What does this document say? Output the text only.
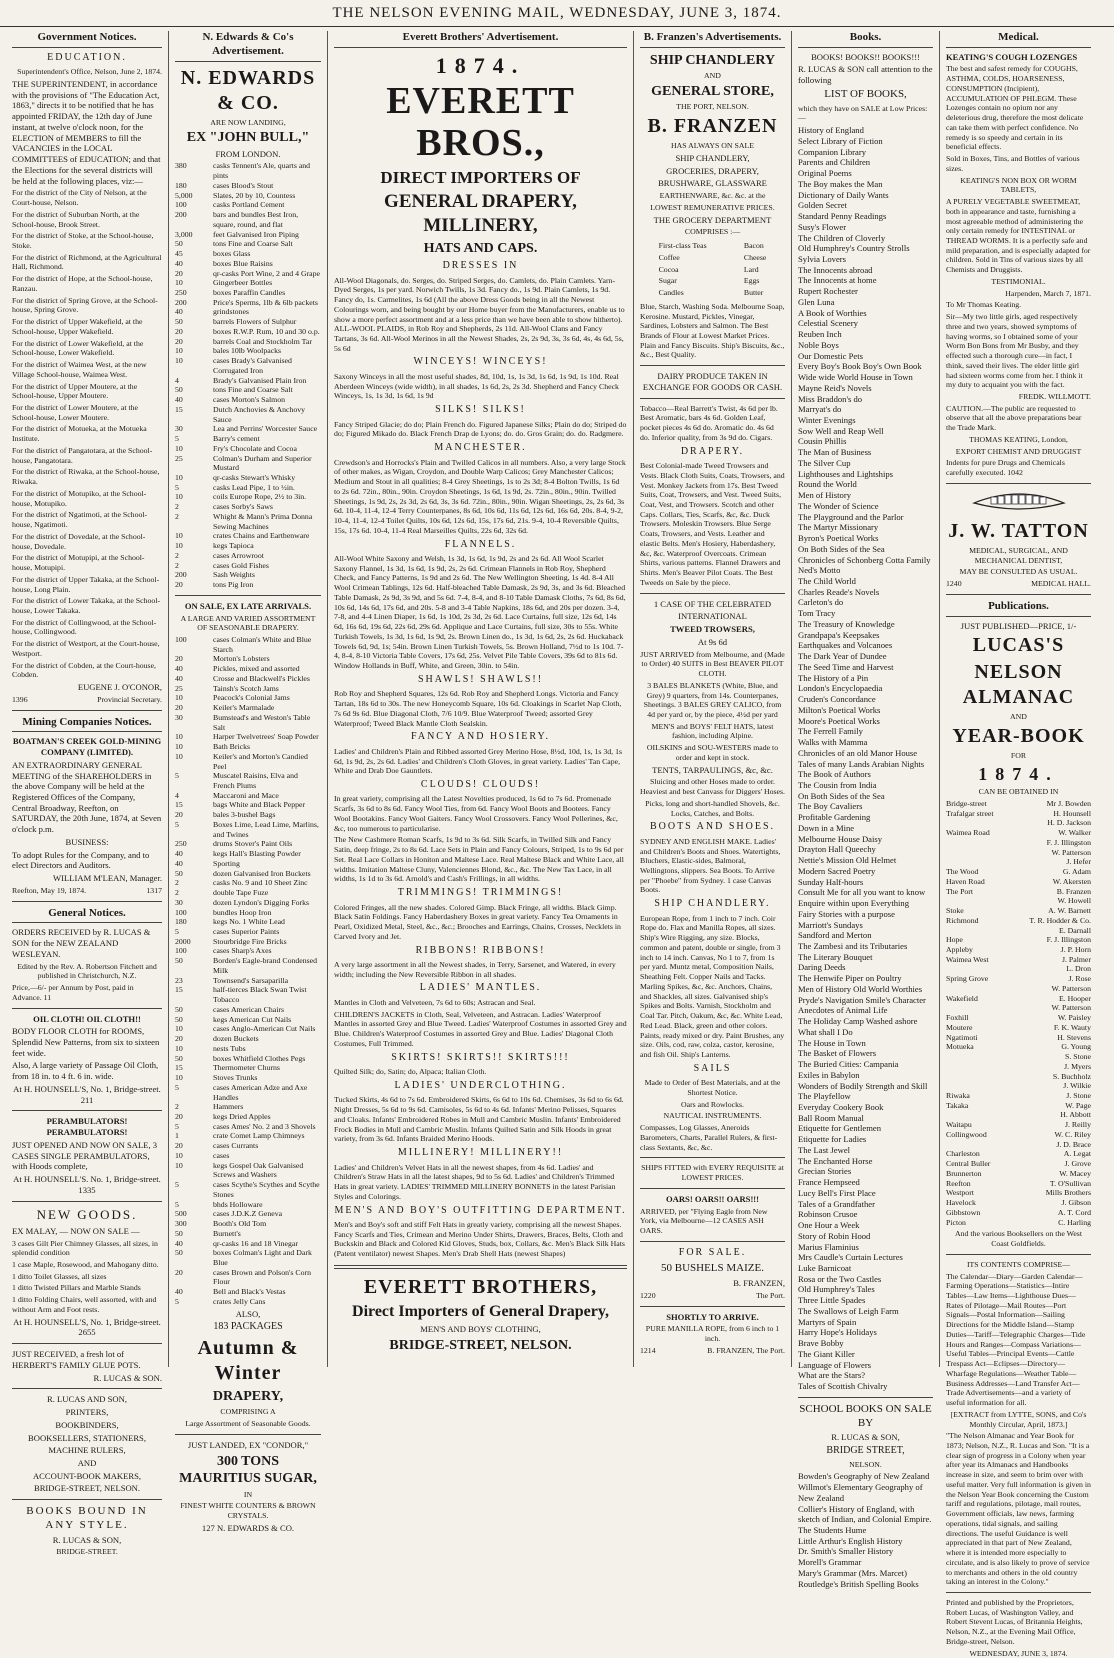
THE NELSON EVENING MAIL, WEDNESDAY, JUNE 3, 1874.
Government Notices.
EDUCATION.

Superintendent's Office, Nelson, June 2, 1874.

THE SUPERINTENDENT, in accordance with the provisions of "The Education Act, 1863," directs it to be notified that he has appointed FRIDAY, the 12th day of June instant, at twelve o'clock noon, for the ELECTION of MEMBERS to fill the VACANCIES in the LOCAL COMMITTEES of EDUCATION; and that the Elections for the several districts will be held at the following places, viz:—

For the district of the City of Nelson, at the Court-house, Nelson.

For the district of Suburban North, at the School-house, Brook Street.

For the district of Stoke, at the School-house, Stoke.

For the district of Richmond, at the Agricultural Hall, Richmond.

For the district of Hope, at the School-house, Ranzau.

For the district of Spring Grove, at the School-house, Spring Grove.

For the district of Upper Wakefield, at the School-house, Upper Wakefield.

For the district of Lower Wakefield, at the School-house, Lower Wakefield.

For the district of Waimea West, at the new Village School-house, Waimea West.

For the district of Upper Moutere, at the School-house, Upper Moutere.

For the district of Lower Moutere, at the School-house, Lower Moutere.

For the district of Motueka, at the Motueka Institute.

For the district of Pangatotara, at the School-house, Pangatotara.

For the district of Riwaka, at the School-house, Riwaka.

For the district of Motupiko, at the School-house, Motupiko.

For the district of Ngatimoti, at the School-house, Ngatimoti.

For the district of Dovedale, at the School-house, Dovedale.

For the district of Motupipi, at the School-house, Motupipi.

For the district of Upper Takaka, at the School-house, Long Plain.

For the district of Lower Takaka, at the School-house, Lower Takaka.

For the district of Collingwood, at the School-house, Collingwood.

For the district of Westport, at the Court-house, Westport.

For the district of Cobden, at the Court-house, Cobden.

EUGENE J. O'CONOR,

1396	Provincial Secretary.

Mining Companies Notices.

BOATMAN'S CREEK GOLD-MINING COMPANY (LIMITED).

AN EXTRAORDINARY GENERAL MEETING of the SHAREHOLDERS in the above Company will be held at the Registered Offices of the Company, Central Broadway, Reefton, on SATURDAY, the 20th June, 1874, at Seven o'clock p.m.

BUSINESS:

To adopt Rules for the Company, and to elect Directors and Auditors.

WILLIAM M'LEAN, Manager.

Reefton, May 19, 1874.	1317

General Notices.

ORDERS RECEIVED by R. LUCAS & SON for the NEW ZEALAND WESLEYAN.

Edited by the Rev. A. Robertson Fitchett and published in Christchurch, N.Z.

Price,—6/- per Annum by Post, paid in Advance. 11

OIL CLOTH! OIL CLOTH!!

BODY FLOOR CLOTH for ROOMS, Splendid New Patterns, from six to sixteen feet wide.

Also, A large variety of Passage Oil Cloth, from 18 in. to 4 ft. 6 in. wide.

At H. HOUNSELL'S, No. 1, Bridge-street. 211

PERAMBULATORS! PERAMBULATORS!

JUST OPENED AND NOW ON SALE, 3 CASES SINGLE PERAMBULATORS, with Hoods complete,

At H. HOUNSELL'S. No. 1, Bridge-street. 1335

NEW GOODS.

EX MALAY, — NOW ON SALE —

3 cases Gilt Pier Chimney Glasses, all sizes, in splendid condition

1 case Maple, Rosewood, and Mahogany ditto.

1 ditto Toilet Glasses, all sizes

1 ditto Twisted Pillars and Marble Stands

1 ditto Folding Chairs, well assorted, with and without Arm and Foot rests.

At H. HOUNSELL'S, No. 1, Bridge-street. 2655

JUST RECEIVED, a fresh lot of HERBERT'S FAMILY GLUE POTS.

R. LUCAS & SON.

R. LUCAS AND SON,

PRINTERS,

BOOKBINDERS,

BOOKSELLERS, STATIONERS,

MACHINE RULERS,

AND

ACCOUNT-BOOK MAKERS,

BRIDGE-STREET, NELSON.

BOOKS BOUND IN ANY STYLE.

R. LUCAS & SON,

BRIDGE-STREET.

N. Edwards & Co's Advertisement.
N. EDWARDS & CO.

ARE NOW LANDING,

EX "JOHN BULL,"

FROM LONDON.

380	casks Tennent's Ale, quarts and pints
180	cases Blood's Stout
5,000	Slates, 20 by 10, Countess
100	casks Portland Cement
200	bars and bundles Best Iron, square, round, and flat
3,000	feet Galvanised Iron Piping
50	tons Fine and Coarse Salt
45	boxes Glass
40	boxes Blue Raisins
20	qr-casks Port Wine, 2 and 4 Grape
10	Gingerbeer Bottles
250	boxes Paraffin Candles
200	Price's Sperms, 1lb & 6lb packets
40	grindstones
50	barrels Flowers of Sulphur
20	boxes R.W.P. Rum, 10 and 30 o.p.
20	barrels Coal and Stockholm Tar
10	bales 10lb Woolpacks
10	cases Brady's Galvanised Corrugated Iron
4	Brady's Galvanised Plain Iron
50	tons Fine and Coarse Salt
40	cases Morton's Salmon
15	Dutch Anchovies & Anchovy Sauce
30	Lea and Perrins' Worcester Sauce
5	Barry's cement
10	Fry's Chocolate and Cocoa
25	Colman's Durham and Superior Mustard
10	qr-casks Stewart's Whisky
5	casks Lead Pipe, 1 to ½in.
10	coils Europe Rope, 2½ to 3in.
2	cases Sorby's Saws
2	Whight & Mann's Prima Donna Sewing Machines
10	crates Chains and Earthenware
10	kegs Tapioca
2	cases Arrowroot
2	cases Gold Fishes
200	Sash Weights
20	tons Pig Iron

ON SALE, EX LATE ARRIVALS.

A LARGE AND VARIED ASSORTMENT OF SEASONABLE DRAPERY.

100	cases Colman's White and Blue Starch
20	Morton's Lobsters
40	Pickles, mixed and assorted
40	Crosse and Blackwell's Pickles
25	Tainsh's Scotch Jams
10	Peacock's Colonial Jams
20	Keiler's Marmalade
30	Bumstead's and Weston's Table Salt
10	Harper Twelvetrees' Soap Powder
10	Bath Bricks
10	Keiler's and Morton's Candied Peel
5	Muscatel Raisins, Elva and French Plums
4	Maccaroni and Mace
15	bags White and Black Pepper
20	bales 3-bushel Bags
5	Boxes Lime, Lead Lime, Marlins, and Twines
250	drums Stover's Paint Oils
40	kegs Hall's Blasting Powder
40	Sporting
50	dozen Galvanised Iron Buckets
2	casks No. 9 and 10 Sheet Zinc
2	double Tape Fuze
30	dozen Lyndon's Digging Forks
100	bundles Hoop Iron
180	kegs No. 1 White Lead
5	cases Superior Paints
2000	Stourbridge Fire Bricks
100	cases Sharp's Axes
50	Borden's Eagle-brand Condensed Milk
23	Townsend's Sarsaparilla
15	half-tierces Black Swan Twist Tobacco
50	cases American Chairs
50	kegs American Cut Nails
10	cases Anglo-American Cut Nails
20	dozen Buckets
10	nests Tubs
50	boxes Whitfield Clothes Pegs
15	Thermometer Churns
10	Stoves Trunks
5	cases American Adze and Axe Handles
2	Hammers
20	kegs Dried Apples
5	cases Ames' No. 2 and 3 Shovels
1	crate Comet Lamp Chimneys
20	cases Currants
10	cases
10	kegs Gospel Oak Galvanised Screws and Washers
5	cases Scythe's Scythes and Scythe Stones
5	bhds Holloware
500	cases J.D.K.Z Geneva
300	Booth's Old Tom
50	Burnett's
40	qr-casks 16 and 18 Vinegar
50	boxes Colman's Light and Dark Blue
20	cases Brown and Polson's Corn Flour
40	Bell and Black's Vestas
5	crates Jelly Cans

ALSO,

183 PACKAGES

Autumn & Winter
DRAPERY,

COMPRISING A

Large Assortment of Seasonable Goods.

JUST LANDED, EX "CONDOR,"

300 TONS MAURITIUS SUGAR,

IN

FINEST WHITE COUNTERS & BROWN CRYSTALS.

127 N. EDWARDS & CO.

Everett Brothers' Advertisement.
1874.
EVERETT BROS.,
DIRECT IMPORTERS OF
GENERAL DRAPERY, MILLINERY,
HATS AND CAPS.
DRESSES IN

All-Wool Diagonals, do. Serges, do. Striped Serges, do. Camlets, do. Plain Camlets. Yarn-Dyed Serges, 1s per yard. Norwich Twills, 1s 3d. Fancy do., 1s 9d. Plain Camlets, 1s 9d. Fancy do, 1s. Carmelites, 1s 6d (All the above Dress Goods being in all the Newest Colourings worn, and being bought by our Home buyer from the Manufacturers, enable us to show a more perfect assortment and at a less price than we have been able to show hitherto). ALL-WOOL PLAIDS, in Rob Roy and Shepherds, 2s 11d. All-Wool Clans and Fancy Tartans, 3s 6d. All-Wool Merinos in all the Newest Shades, 2s, 2s 9d, 3s, 3s 6d, 4s, 4s 6d, 5s, 5s 6d

WINCEYS! WINCEYS!

Saxony Winceys in all the most useful shades, 8d, 10d, 1s, 1s 3d, 1s 6d, 1s 9d, 1s 10d. Real Aberdeen Winceys (wide width), in all shades, 1s 6d, 2s, 2s 3d. Shepherd and Fancy Check Winceys, 1s, 1s 3d, 1s 6d, 1s 9d

SILKS! SILKS!

Fancy Striped Glacie; do do; Plain French do. Figured Japanese Silks; Plain do do; Striped do do; Figured Mikado do. Black French Drap de Lyons; do. do. Gros Grain; do. do. Radgmere.

MANCHESTER.

Crewdson's and Horrocks's Plain and Twilled Calicos in all numbers. Also, a very large Stock of other makes, as Wigan, Croydon, and Double Warp Calicos; Grey Manchester Calicos; Medium and Stout in all qualities; 8-4 Grey Sheetings, 1s to 2s 3d; 8-4 Bolton Twills, 1s 6d to 2s 6d. 72in., 80in., 90in. Croydon Sheetings, 1s 6d, 1s 9d, 2s. 72in., 80in., 90in. Twilled Sheetings, 1s 9d, 2s, 2s 3d, 2s 6d, 3s, 3s 6d. 72in., 80in., 90in. Wigan Sheetings, 2s, 2s 6d, 3s 6d. 10-4, 11-4, 12-4 Terry Counterpanes, 8s 6d, 10s 6d, 11s 6d, 12s 6d, 16s 6d, 20s. 8-4, 9-2, 10-4, 11-4, 12-4 Toilet Quilts, 10s 6d, 12s 6d, 15s, 17s 6d, 21s. 9-4, 10-4 Reversible Quilts, 15s, 17s 6d. 10-4, 11-4 Real Marseilles Quilts, 22s 6d, 32s 6d.

FLANNELS.

All-Wool White Saxony and Welsh, 1s 3d, 1s 6d, 1s 9d, 2s and 2s 6d. All Wool Scarlet Saxony Flannel, 1s 3d, 1s 6d, 1s 9d, 2s, 2s 6d. Crimean Flannels in Rob Roy, Shepherd Check, and Fancy Patterns, 1s 9d and 2s 6d. The New Wellington Sheeting, 1s 4d. 8-4 All Wool Crimean Tablings, 12s 6d. Half-bleached Table Damask, 2s 9d, 3s, and 3s 6d. Bleached Table Damask, 2s 9d, 3s 9d, and 5s 6d. 7-4, 8-4, and 8-10 Table Damask Cloths, 7s 6d, 8s 6d, 10s 6d, 14s 6d, 17s 6d, and 20s. 5-8 and 3-4 Table Napkins, 18s 6d, and 20s per dozen. 3-4, 7-8, and 4-4 Linen Diaper, 1s 6d, 1s 10d, 2s 3d, 2s 6d. Lace Curtains, full size, 12s 6d, 14s 6d, 16s 6d, 19s 6d, 22s 6d, 29s 6d. Applique and Lace Curtains, full size, 30s to 55s. White Turkish Towels, 1s 3d, 1s 6d, 1s 9d, 2s. Brown Linen do., 1s 3d, 1s 6d, 2s, 2s 6d. Huckaback Towels 6d, 9d, 1s; 54in. Brown Linen Turkish Towels, 5s. Brown Holland, 7½d to 1s 10d. 7-4, 8-4, 8-10 Victoria Table Covers, 17s 6d, 25s. Velvet Pile Table Covers, 39s 6d to 81s 6d. Window Hollands in Buff, White, and Green, 30in. to 54in.

SHAWLS! SHAWLS!!

Rob Roy and Shepherd Squares, 12s 6d. Rob Roy and Shepherd Longs. Victoria and Fancy Tartan, 18s 6d to 30s. The new Honeycomb Square, 10s 6d. Cloakings in Scarlet Nap Cloth, 7s 6d 9s 6d. Blue Diagonal Cloth, 7/6 10/9. Blue Waterproof Tweed; assorted Grey Waterproof; Tweed Black Mantle Cloth Sealskin.

FANCY AND HOSIERY.

Ladies' and Children's Plain and Ribbed assorted Grey Merino Hose, 8½d, 10d, 1s, 1s 3d, 1s 6d, 1s 9d, 2s, 2s 6d. Ladies' and Children's Cloth Gloves, in great variety. Ladies' Tan Cape, White and Drab Doe Gauntlets.

CLOUDS! CLOUDS!

In great variety, comprising all the Latest Novelties produced, 1s 6d to 7s 6d. Promenade Scarfs, 3s 6d to 8s 6d. Fancy Wool Ties, from 6d. Fancy Wool Boots and Bootees. Fancy Wool Bootakins. Fancy Wool Gaiters. Fancy Wool Crossovers. Fancy Wool Pellerines, &c, &c, too numerous to particularise.

The New Cashmere Roman Scarfs, 1s 9d to 3s 6d. Silk Scarfs, in Twilled Silk and Fancy Satin, deep fringe, 2s to 8s 6d. Lace Sets in Plain and Fancy Colours, Striped, 1s to 9s 6d per Set. Real Lace Collars in Honiton and Maltese Lace. Real Maltese Black and White Lace, all widths. Imitation Maltese Cluny, Valenciennes Blond, &c., &c. The New Tax Lace, in all widths, 1s 1d to 3s 6d. Arnold's and Cash's Frillings, in all widths.

TRIMMINGS! TRIMMINGS!

Colored Fringes, all the new shades. Colored Gimp. Black Fringe, all widths. Black Gimp. Black Satin Foldings. Fancy Haberdashery Boxes in great variety. Fancy Tea Ornaments in Pearl, Oxidized Metal, Steel, &c., &c.; Brooches and Earrings, Chains, Crosses, Necklets in Carved Ivory and Jet.

RIBBONS! RIBBONS!

A very large assortment in all the Newest shades, in Terry, Sarsenet, and Watered, in every width; including the New Reversible Ribbon in all shades.

LADIES' MANTLES.

Mantles in Cloth and Velveteen, 7s 6d to 60s; Astracan and Seal.

CHILDREN'S JACKETS in Cloth, Seal, Velveteen, and Astracan. Ladies' Waterproof Mantles in assorted Grey and Blue Tweed. Ladies' Waterproof Costumes in assorted Grey and Blue. Children's Waterproof Costumes in assorted Grey and Blue. Ladies' Diagonal Cloth Costumes, Full Trimmed.

SKIRTS! SKIRTS!! SKIRTS!!!

Quilted Silk; do, Satin; do, Alpaca; Italian Cloth.

LADIES' UNDERCLOTHING.

Tucked Skirts, 4s 6d to 7s 6d. Embroidered Skirts, 6s 6d to 10s 6d. Chemises, 3s 6d to 6s 6d. Night Dresses, 5s 6d to 9s 6d. Camisoles, 5s 6d to 4s 6d. Infants' Merino Pelisses, Squares and Cloaks. Infants' Embroidered Robes in Mull and Cambric Muslin. Infants' Embroidered Frock Bodies in Mull and Cambric Muslin. Infants Quilted Satin and Silk Hoods in great variety, from 3s 6d. Infants Braided Merino Hoods.

MILLINERY! MILLINERY!!

Ladies' and Children's Velvet Hats in all the newest shapes, from 4s 6d. Ladies' and Children's Straw Hats in all the latest shapes, 9d to 5s 6d. Ladies' and Children's Trimmed Hats in great variety. LADIES' TRIMMED MILLINERY BONNETS in the latest Parisian Styles and Colorings.

MEN'S AND BOY'S OUTFITTING DEPARTMENT.

Men's and Boy's soft and stiff Felt Hats in greatly variety, comprising all the newest Shapes. Fancy Scarfs and Ties, Crimean and Merino Under Shirts, Drawers, Braces, Belts, Cloth and Buckskin and Black and Colored Kid Gloves, Studs, box, Collars, &c. Men's Black Silk Hats (Patent ventilator) newest Shapes. Men's Drab Shell Hats (newest Shapes)

EVERETT BROTHERS,
Direct Importers of General Drapery,

MEN'S AND BOYS' CLOTHING,

BRIDGE-STREET, NELSON.
B. Franzen's Advertisements.
SHIP CHANDLERY

AND

GENERAL STORE,

THE PORT, NELSON.

B. FRANZEN

HAS ALWAYS ON SALE

SHIP CHANDLERY,

GROCERIES, DRAPERY,

BRUSHWARE, GLASSWARE

EARTHENWARE, &c. &c. at the

LOWEST REMUNERATIVE PRICES.

THE GROCERY DEPARTMENT

COMPRISES :—

First-class Teas

Coffee

Cocoa

Sugar

Candles

Bacon

Cheese

Lard

Eggs

Butter

Blue, Starch, Washing Soda. Melbourne Soap, Kerosine. Mustard, Pickles, Vinegar, Sardines, Lobsters and Salmon. The Best Brands of Flour at Lowest Market Prices. Plain and Fancy Biscuits. Ship's Biscuits, &c., &c., Best Quality.

DAIRY PRODUCE TAKEN IN EXCHANGE FOR GOODS OR CASH.

Tobacco—Real Barrett's Twist, 4s 6d per lb. Best Aromatic, bars 4s 6d. Golden Leaf, pocket pieces 4s 6d do. Aromatic do. 4s 6d do. Inferior quality, from 3s 9d do. Cigars.

DRAPERY.

Best Colonial-made Tweed Trowsers and Vests. Black Cloth Suits, Coats, Trowsers, and Vest. Monkey Jackets from 17s. Best Tweed Suits, Coat, Trowsers, and Vest. Tweed Suits, Coat, Vest, and Trowsers. Scotch and other Caps. Collars, Ties, Scarfs, &c, &c. Duck Trowsers. Moleskin Trowsers. Blue Serge Coats, Trowsers, and Vests. Leather and elastic Belts. Men's Hosiery, Haberdashery, &c, &c. Waterproof Overcoats. Crimean Shirts, various patterns. Flannel Drawers and Shirts. Men's Beaver Pilot Coats. The Best Tweeds on Sale by the piece.

1 CASE OF THE CELEBRATED

INTERNATIONAL

TWEED TROWSERS,

At 9s 6d

JUST ARRIVED from Melbourne, and (Made to Order) 40 SUITS in Best BEAVER PILOT CLOTH.

3 BALES BLANKETS (White, Blue, and Grey) 9 quarters, from 14s. Counterpanes, Sheetings. 3 BALES GREY CALICO, from 4d per yard or, by the piece, 4½d per yard

MEN'S and BOYS' FELT HATS, latest fashion, including Alpine.

OILSKINS and SOU-WESTERS made to order and kept in stock.

TENTS, TARPAULINGS, &c, &c.

Sluicing and other Hoses made to order. Heaviest and best Canvass for Diggers' Hoses.

Picks, long and short-handled Shovels, &c. Locks, Catches, and Bolts.

BOOTS AND SHOES.

SYDNEY AND ENGLISH MAKE. Ladies' and Children's Boots and Shoes. Watertights, Bluchers, Elastic-sides, Balmoral, Wellingtons, slippers. Sea Boots. To Arrive per "Phoebe" from Sydney. 1 case Canvas Boots.

SHIP CHANDLERY.

European Rope, from 1 inch to 7 inch. Coir Rope do. Flax and Manilla Ropes, all sizes. Ship's Wire Rigging, any size. Blocks, common and patent, double or single, from 3 inch to 14 inch. Canvas, No 1 to 7, from 1s per yard. Muntz metal, Composition Nails, Sheathing Felt. Copper Nails and Tacks. Marling Spikes, &c, &c. Anchors, Chains, and Shackles, all sizes. Galvanised ship's Spikes and Bolts. Varnish, Stockholm and Coal Tar. Pitch, Oakum, &c, &c. White Lead, Red Lead. Black, green and other colors. Paints, ready mixed or dry. Paint Brushes, any size. Oils, cod, raw, colza, castor, kerosine, and fish Oil. Ship's Lanterns.

SAILS

Made to Order of Best Materials, and at the Shortest Notice.

Oars and Rowlocks.

NAUTICAL INSTRUMENTS.

Compasses, Log Glasses, Aneroids Barometers, Charts, Parallel Rulers, & first-class Sextants, &c, &c.

SHIPS FITTED with EVERY REQUISITE at LOWEST PRICES.

OARS! OARS!! OARS!!!

ARRIVED, per "Flying Eagle from New York, via Melbourne—12 CASES ASH OARS.

FOR SALE.

50 BUSHELS MAIZE.

B. FRANZEN,

1220	The Port.

SHORTLY TO ARRIVE.

PURE MANILLA ROPE, from 6 inch to 1 inch.

1214	B. FRANZEN, The Port.

Books.

BOOKS! BOOKS!! BOOKS!!!

R. LUCAS & SON call attention to the following

LIST OF BOOKS,

which they have on SALE at Low Prices:—

History of England

Select Library of Fiction

Companion Library

Parents and Children

Original Poems

The Boy makes the Man

Dictionary of Daily Wants

Golden Secret

Standard Penny Readings

Susy's Flower

The Children of Cloverly

Old Humphrey's Country Strolls

Sylvia Lovers

The Innocents abroad

The Innocents at home

Rupert Rochester

Glen Luna

A Book of Worthies

Celestial Scenery

Reuben Inch

Noble Boys

Our Domestic Pets

Every Boy's Book Boy's Own Book

Wide wide World House in Town

Mayne Reid's Novels

Miss Braddon's do

Marryat's do

Winter Evenings

Sow Well and Reap Well

Cousin Phillis

The Man of Business

The Silver Cup

Lighthouses and Lightships

Round the World

Men of History

The Wonder of Science

The Playground and the Parlor

The Martyr Missionary

Byron's Poetical Works

On Both Sides of the Sea

Chronicles of Schonberg Cotta Family

Ned's Motto

The Child World

Charles Reade's Novels

Carleton's do

Tom Tracy

The Treasury of Knowledge

Grandpapa's Keepsakes

Earthquakes and Volcanoes

The Dark Year of Dundee

The Seed Time and Harvest

The History of a Pin

London's Encyclopaedia

Cruden's Concordance

Milton's Poetical Works

Moore's Poetical Works

The Ferrell Family

Walks with Mamma

Chronicles of an old Manor House

Tales of many Lands Arabian Nights

The Book of Authors

The Cousin from India

On Both Sides of the Sea

The Boy Cavaliers

Profitable Gardening

Down in a Mine

Melbourne House Daisy

Drayton Hall Queechy

Nettie's Mission Old Helmet

Modern Sacred Poetry

Sunday Half-hours

Consult Me for all you want to know

Enquire within upon Everything

Fairy Stories with a purpose

Marriott's Sundays

Sandford and Merton

The Zambesi and its Tributaries

The Literary Bouquet

Daring Deeds

The Henwife Piper on Poultry

Men of History Old World Worthies

Pryde's Navigation Smile's Character

Anecdotes of Animal Life

The Holiday Camp Washed ashore

What shall I Do

The House in Town

The Basket of Flowers

The Buried Cities: Campania

Exiles in Babylon

Wonders of Bodily Strength and Skill

The Playfellow

Everyday Cookery Book

Ball Room Manual

Etiquette for Gentlemen

Etiquette for Ladies

The Last Jewel

The Enchanted Horse

Grecian Stories

France Hempseed

Lucy Bell's First Place

Tales of a Grandfather

Robinson Crusoe

One Hour a Week

Story of Robin Hood

Marius Flaminius

Mrs Caudle's Curtain Lectures

Luke Barnicoat

Rosa or the Two Castles

Old Humphrey's Tales

Three Little Spades

The Swallows of Leigh Farm

Martyrs of Spain

Harry Hope's Holidays

Brave Bobby

The Giant Killer

Language of Flowers

What are the Stars?

Tales of Scottish Chivalry

SCHOOL BOOKS ON SALE BY

R. LUCAS & SON,

BRIDGE STREET,

NELSON.

Bowden's Geography of New Zealand

Willmot's Elementary Geography of New Zealand

Collier's History of England, with sketch of Indian, and Colonial Empire.

The Students Hume

Little Arthur's English History

Dr. Smith's Smaller History

Morell's Grammar

Mary's Grammar (Mrs. Marcet)

Routledge's British Spelling Books

Medical.

KEATING'S COUGH LOZENGES

The best and safest remedy for COUGHS, ASTHMA, COLDS, HOARSENESS, CONSUMPTION (Incipient), ACCUMULATION OF PHLEGM. These Lozenges contain no opium nor any deleterious drug, therefore the most delicate can take them with perfect confidence. No remedy is so speedy and certain in its beneficial effects.

Sold in Boxes, Tins, and Bottles of various sizes.

KEATING'S NON BOX OR WORM TABLETS,

A PURELY VEGETABLE SWEETMEAT, both in appearance and taste, furnishing a most agreeable method of administering the only certain remedy for INTESTINAL or THREAD WORMS. It is a perfectly safe and mild preparation, and is especially adapted for children. Sold in Tins of various sizes by all Chemists and Druggists.

TESTIMONIAL.

Harpenden, March 7, 1871.

To Mr Thomas Keating.

Sir—My two little girls, aged respectively three and two years, showed symptoms of having worms, so I obtained some of your Worm Bon Bons from Mr Busby, and they effected such a thorough cure—in fact, I think, saved their lives. The elder little girl had sixteen worms come from her. I think it my duty to acquaint you with the fact.

FREDK. WILLMOTT.

CAUTION.—The public are requested to observe that all the above preparations bear the Trade Mark.

THOMAS KEATING, London,

EXPORT CHEMIST AND DRUGGIST

Indents for pure Drugs and Chemicals carefully executed. 1042

J. W. TATTON

MEDICAL, SURGICAL, AND MECHANICAL DENTIST,

MAY BE CONSULTED AS USUAL.

1240	MEDICAL HALL.

Publications.

JUST PUBLISHED—PRICE, 1/-

LUCAS'S
NELSON ALMANAC

AND

YEAR-BOOK

FOR

1874.

CAN BE OBTAINED IN

Bridge-street	Mr J. Bowden
Trafalgar street	H. Hounsell
H. D. Jackson
Waimea Road	W. Walker
F. J. Illingston
W. Patterson
J. Hefer
The Wood	G. Adam
Haven Road	W. Akersten
The Port	B. Franzen
W. Howell
Stoke	A. W. Barnett
Richmond	T. R. Hodder & Co.
E. Darnall
Hope	F. J. Illingston
Appleby	J. P. Horn
Waimea West	J. Palmer
L. Dron
Spring Grove	J. Rose
W. Patterson
Wakefield	E. Hooper
W. Patterson
Foxhill	W. Paisley
Moutere	F. K. Wauty
Ngatimoti	H. Stevens
Motueka	G. Young
S. Stone
J. Myers
S. Buchholz
J. Wilkie
Riwaka	J. Stone
Takaka	W. Page
H. Abbott
Waitapu	J. Reilly
Collingwood	W. C. Riley
J. D. Brace
Charleston	A. Legat
Central Buller	J. Grove
Brunnerton	W. Macey
Reefton	T. O'Sullivan
Westport	Mills Brothers
Havelock	J. Gibson
Gibbstown	A. T. Cord
Picton	C. Harling

And the various Booksellers on the West Coast Goldfields.

ITS CONTENTS COMPRISE—

The Calendar—Diary—Garden Calendar—Farming Operations—Statistics—Intire Tables—Law Items—Lighthouse Dues—Rates of Pilotage—Mail Routes—Port Signals—Postal Information—Sailing Directions for the Middle Island—Stamp Duties—Tariff—Telegraphic Charges—Tide Hours and Ranges—Compass Variations—Useful Tables—Principal Events—Cattle Trespass Act—Eclipses—Directory—Wharfage Regulations—Weather Table—Business Addresses—Land Transfer Act—Trade Advertisements—and a variety of useful information for all.

[EXTRACT from LYTTE, SONS, and Co's Monthly Circular, April, 1873.]

"The Nelson Almanac and Year Book for 1873; Nelson, N.Z., R. Lucas and Son. "It is a clear sign of progress in a Colony when year after year its Almanacs and Handbooks increase in size, and seem to brim over with useful matter. Very full information is given in the Nelson Year Book concerning the Custom tariff and regulations, pilotage, mail routes, Government officials, law news, farming operations, tidal signals, and sailing directions. The useful Guidance is well appreciated in that part of New Zealand, where it is intended more especially to circulate, and is also likely to prove of service to merchants and others in the old country taking an interest in the Colony."

Printed and published by the Proprietors, Robert Lucas, of Washington Valley, and Robert Stevent Lucas, of Britannia Heights, Nelson, N.Z., at the Evening Mail Office, Bridge-street, Nelson.

WEDNESDAY, JUNE 3, 1874.
